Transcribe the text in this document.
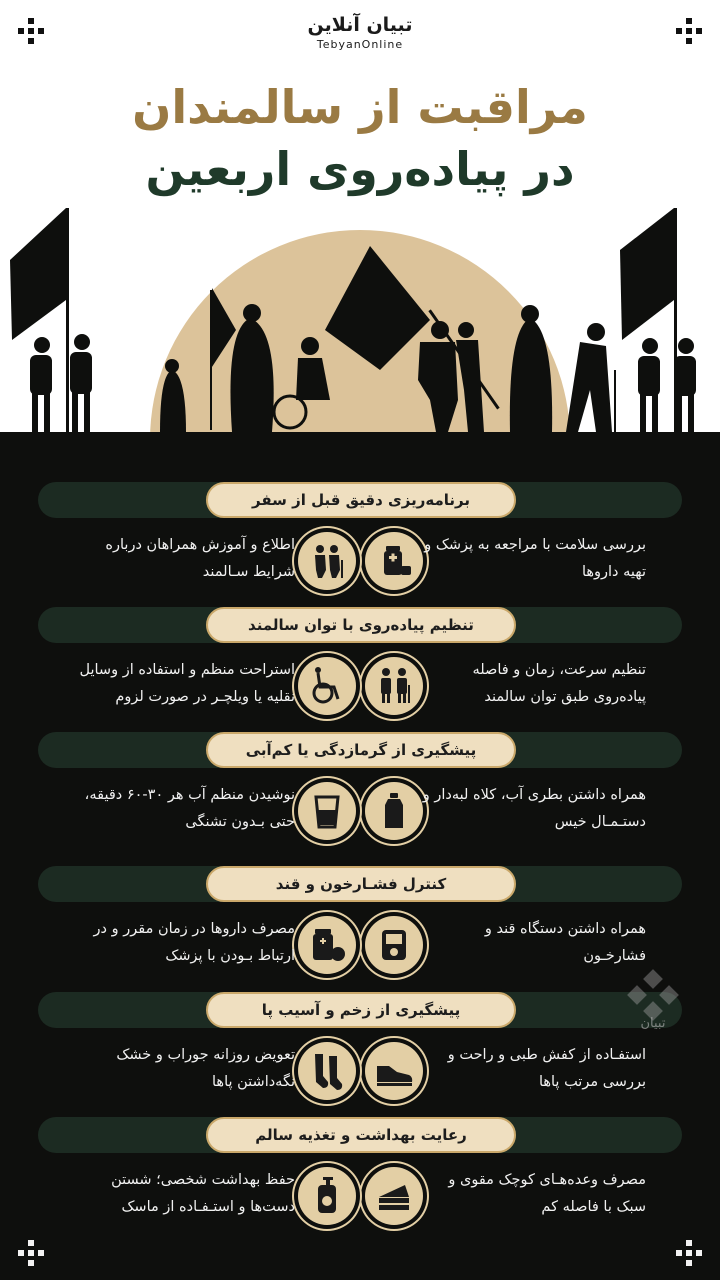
تبیان آنلاین
TebyanOnline
مراقبت از سالمندان
در پیاده‌روی اربعین
برنامه‌ریزی دقیق قبل از سفر
بررسی سلامت با مراجعه به پزشک و تهیه داروها
اطلاع و آموزش همراهان درباره شرایط سـالمند
تنظیم پیاده‌روی با توان سالمند
تنظیم سرعت، زمان و فاصله پیاده‌روی طبق توان سالمند
استراحت منظم و استفاده از وسایل نقلیه یا ویلچـر در صورت لزوم
پیشگیری از گرمازدگی یا کم‌آبی
همراه داشتن بطری آب، کلاه لبه‌دار و دستـمـال خیس
نوشیدن منظم آب هر ۳۰-۶۰ دقیقه، حتی بـدون تشنگی
کنترل فشـارخون و قند
همراه داشتن دستگاه قند و فشارخـون
مصرف داروها در زمان مقرر و در ارتباط بـودن با پزشک
پیشگیری از زخم و آسیب پا
استفـاده از کفش طبی و راحت و بررسی مرتب پاها
تعویض روزانه جوراب و خشک نگه‌داشتن پاها
رعایت بهداشت و تغذیه سالم
مصرف وعده‌هـای کوچک مقوی و سبک با فاصله کم
حفظ بهداشت شخصی؛ شستن دست‌ها و استـفـاده از ماسک
تبیان
